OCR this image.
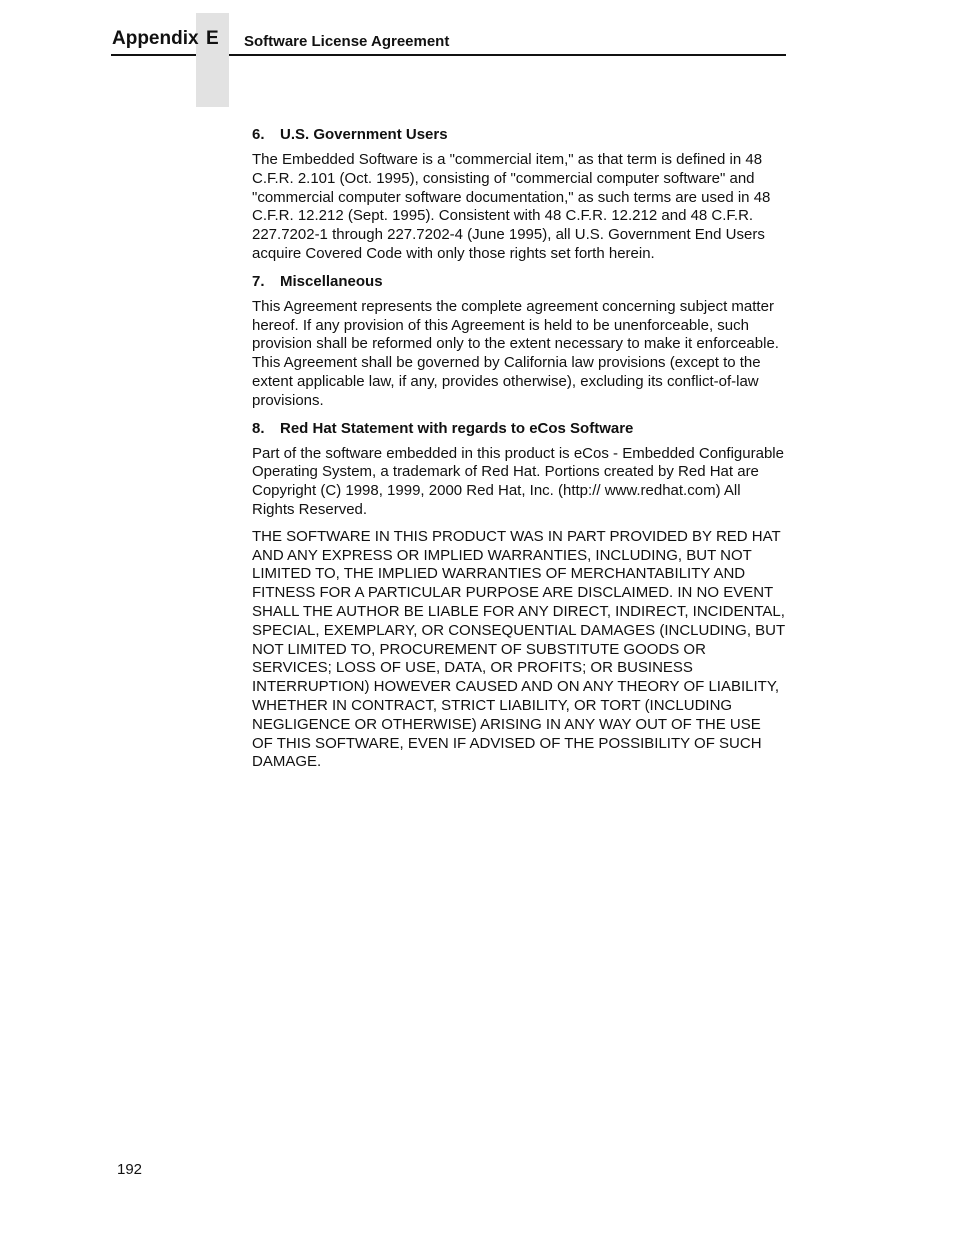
Appendix E Software License Agreement
6. U.S. Government Users

The Embedded Software is a "commercial item," as that term is defined in 48 C.F.R. 2.101 (Oct. 1995), consisting of "commercial computer software" and "commercial computer software documentation," as such terms are used in 48 C.F.R. 12.212 (Sept. 1995). Consistent with 48 C.F.R. 12.212 and 48 C.F.R. 227.7202-1 through 227.7202-4 (June 1995), all U.S. Government End Users acquire Covered Code with only those rights set forth herein.

7. Miscellaneous

This Agreement represents the complete agreement concerning subject matter hereof. If any provision of this Agreement is held to be unenforceable, such provision shall be reformed only to the extent necessary to make it enforceable. This Agreement shall be governed by California law provisions (except to the extent applicable law, if any, provides otherwise), excluding its conflict-of-law provisions.

8. Red Hat Statement with regards to eCos Software

Part of the software embedded in this product is eCos - Embedded Configurable Operating System, a trademark of Red Hat. Portions created by Red Hat are Copyright (C) 1998, 1999, 2000 Red Hat, Inc. (http:// www.redhat.com) All Rights Reserved.

THE SOFTWARE IN THIS PRODUCT WAS IN PART PROVIDED BY RED HAT AND ANY EXPRESS OR IMPLIED WARRANTIES, INCLUDING, BUT NOT LIMITED TO, THE IMPLIED WARRANTIES OF MERCHANTABILITY AND FITNESS FOR A PARTICULAR PURPOSE ARE DISCLAIMED. IN NO EVENT SHALL THE AUTHOR BE LIABLE FOR ANY DIRECT, INDIRECT, INCIDENTAL, SPECIAL, EXEMPLARY, OR CONSEQUENTIAL DAMAGES (INCLUDING, BUT NOT LIMITED TO, PROCUREMENT OF SUBSTITUTE GOODS OR SERVICES; LOSS OF USE, DATA, OR PROFITS; OR BUSINESS INTERRUPTION) HOWEVER CAUSED AND ON ANY THEORY OF LIABILITY, WHETHER IN CONTRACT, STRICT LIABILITY, OR TORT (INCLUDING NEGLIGENCE OR OTHERWISE) ARISING IN ANY WAY OUT OF THE USE OF THIS SOFTWARE, EVEN IF ADVISED OF THE POSSIBILITY OF SUCH DAMAGE.

192
